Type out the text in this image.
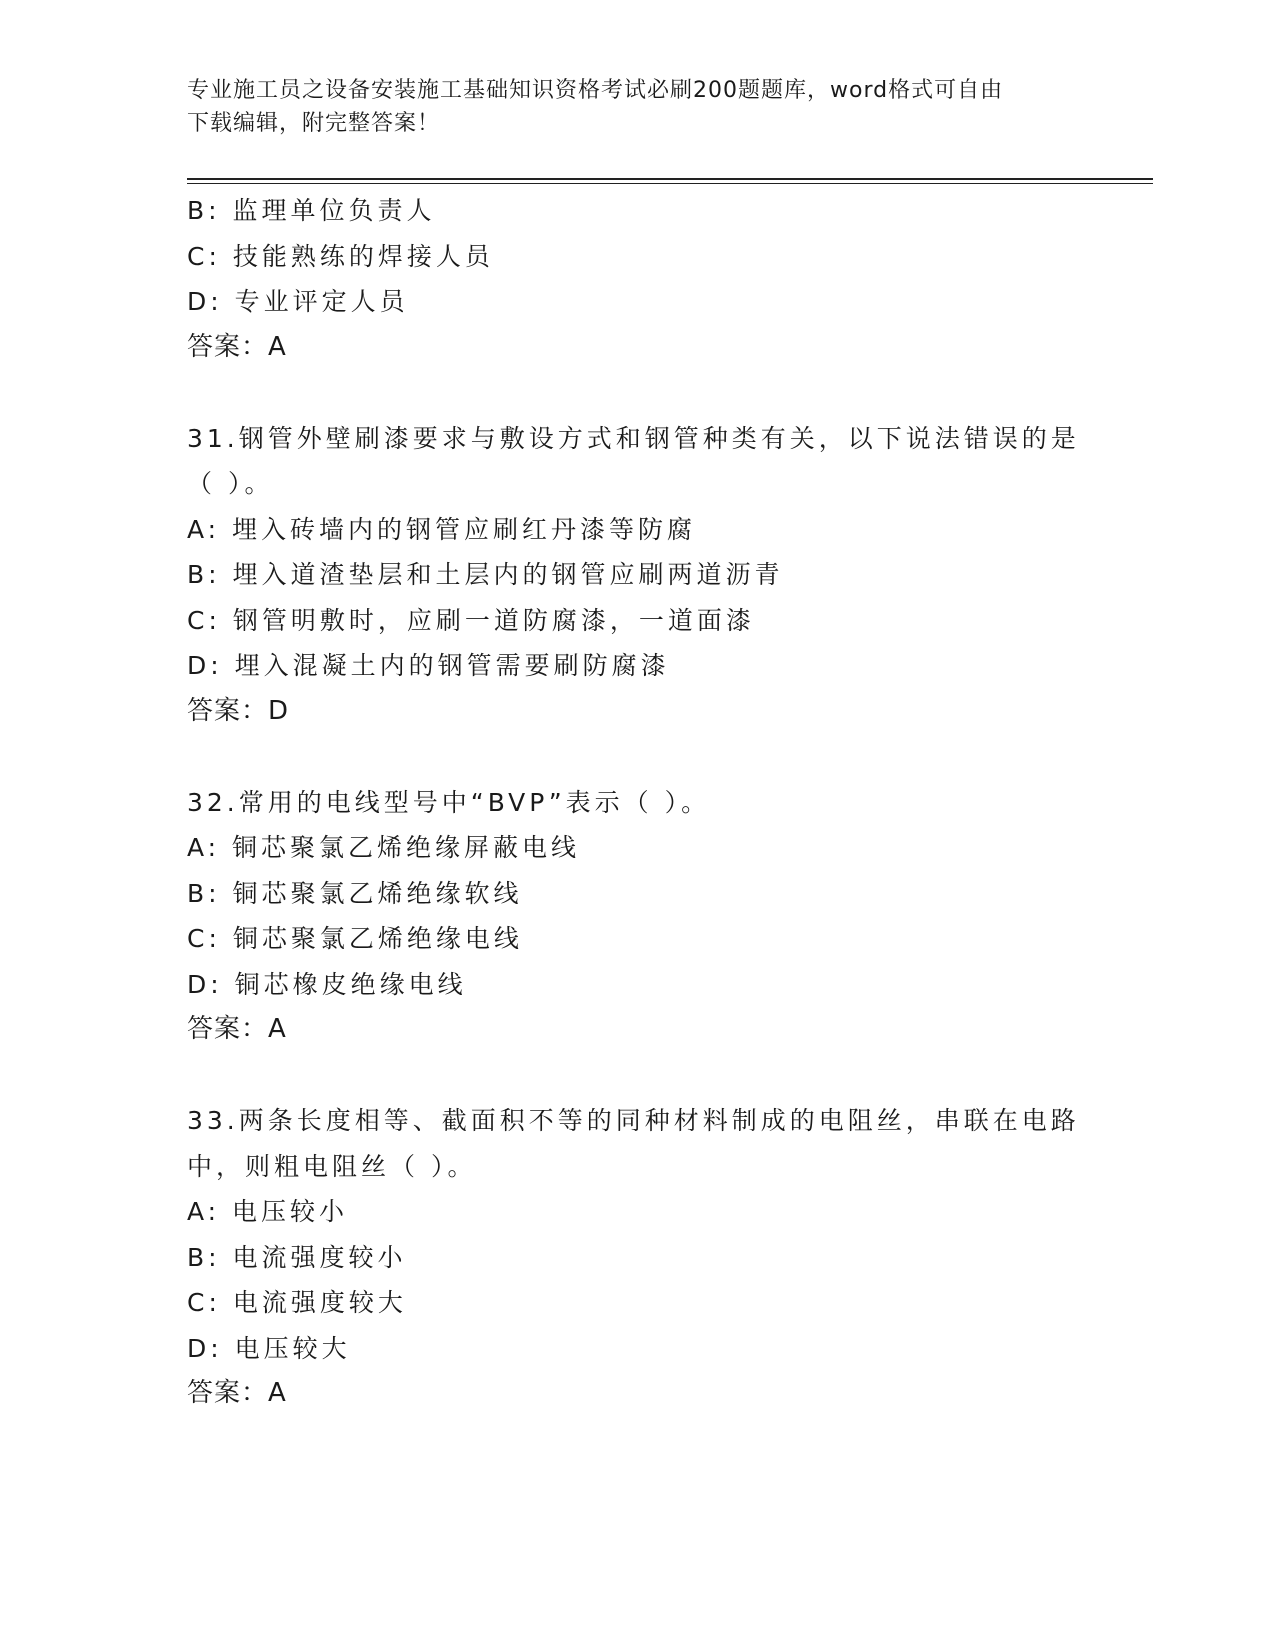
专业施工员之设备安装施工基础知识资格考试必刷200题题库，word格式可自由
下载编辑，附完整答案！
B: 监理单位负责人
C: 技能熟练的焊接人员
D: 专业评定人员
答案：A
31.钢管外壁刷漆要求与敷设方式和钢管种类有关，以下说法错误的是
（ ）。
A: 埋入砖墙内的钢管应刷红丹漆等防腐
B: 埋入道渣垫层和土层内的钢管应刷两道沥青
C: 钢管明敷时，应刷一道防腐漆，一道面漆
D: 埋入混凝土内的钢管需要刷防腐漆
答案：D
32.常用的电线型号中“BVP”表示（ ）。
A: 铜芯聚氯乙烯绝缘屏蔽电线
B: 铜芯聚氯乙烯绝缘软线
C: 铜芯聚氯乙烯绝缘电线
D: 铜芯橡皮绝缘电线
答案：A
33.两条长度相等、截面积不等的同种材料制成的电阻丝，串联在电路
中，则粗电阻丝（ ）。
A: 电压较小
B: 电流强度较小
C: 电流强度较大
D: 电压较大
答案：A
